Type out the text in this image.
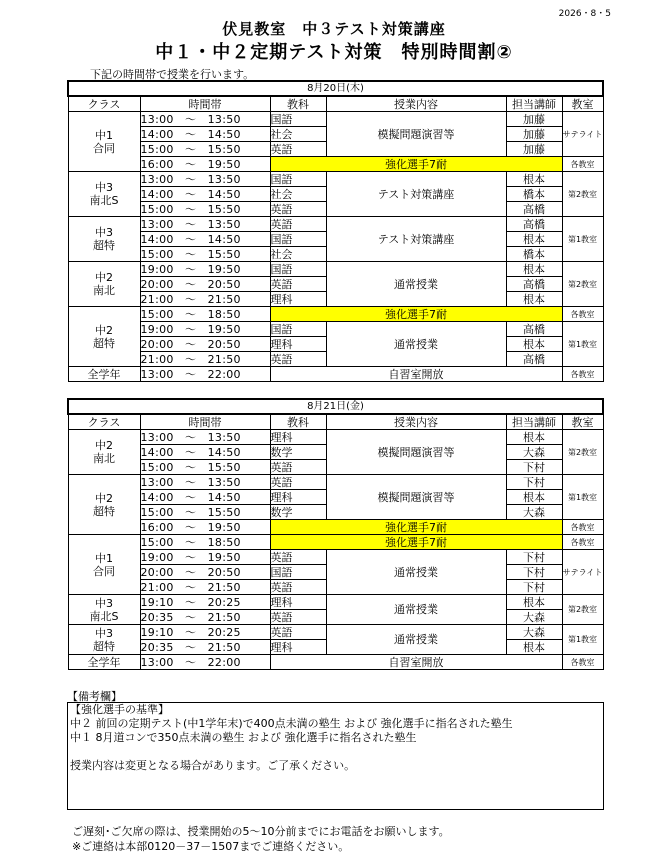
2026・8・5
伏見教室　中３テスト対策講座
中１・中２定期テスト対策　特別時間割②
下記の時間帯で授業を行います。
8月20日(木)					
クラス	時間帯	教科	授業内容	担当講師	教室
中1
合同	13:00　～　13:50	国語	模擬問題演習等	加藤	サテライト
	14:00　～　14:50	社会		加藤	
	15:00　～　15:50	英語		加藤	
	16:00　～　19:50	強化選手7耐			各教室
中3
南北S	13:00　～　13:50	国語	テスト対策講座	根本	第2教室
	14:00　～　14:50	社会		橋本	
	15:00　～　15:50	英語		高橋	
中3
超特	13:00　～　13:50	英語	テスト対策講座	高橋	第1教室
	14:00　～　14:50	国語		根本	
	15:00　～　15:50	社会		橋本	
中2
南北	19:00　～　19:50	国語	通常授業	根本	第2教室
	20:00　～　20:50	英語		高橋	
	21:00　～　21:50	理科		根本	
中2
超特	15:00　～　18:50	強化選手7耐			各教室
	19:00　～　19:50	国語	通常授業	高橋	第1教室
	20:00　～　20:50	理科		根本	
	21:00　～　21:50	英語		高橋	
全学年	13:00　～　22:00	自習室開放			各教室
8月21日(金)					
クラス	時間帯	教科	授業内容	担当講師	教室
中2
南北	13:00　～　13:50	理科	模擬問題演習等	根本	第2教室
	14:00　～　14:50	数学		大森	
	15:00　～　15:50	英語		下村	
中2
超特	13:00　～　13:50	英語	模擬問題演習等	下村	第1教室
	14:00　～　14:50	理科		根本	
	15:00　～　15:50	数学		大森	
	16:00　～　19:50	強化選手7耐			各教室
中1
合同	15:00　～　18:50	強化選手7耐			各教室
	19:00　～　19:50	英語	通常授業	下村	サテライト
	20:00　～　20:50	国語		下村	
	21:00　～　21:50	英語		下村	
中3
南北S	19:10　～　20:25	理科	通常授業	根本	第2教室
	20:35　～　21:50	英語		大森	
中3
超特	19:10　～　20:25	英語	通常授業	大森	第1教室
	20:35　～　21:50	理科		根本	
全学年	13:00　～　22:00	自習室開放			各教室
【備考欄】
【強化選手の基準】
中２ 前回の定期テスト(中1学年末)で400点未満の塾生 および 強化選手に指名された塾生
中１ 8月道コンで350点未満の塾生 および 強化選手に指名された塾生

授業内容は変更となる場合があります。ご了承ください。
ご遅刻･ご欠席の際は、授業開始の5～10分前までにお電話をお願いします。
※ご連絡は本部0120－37－1507までご連絡ください。
